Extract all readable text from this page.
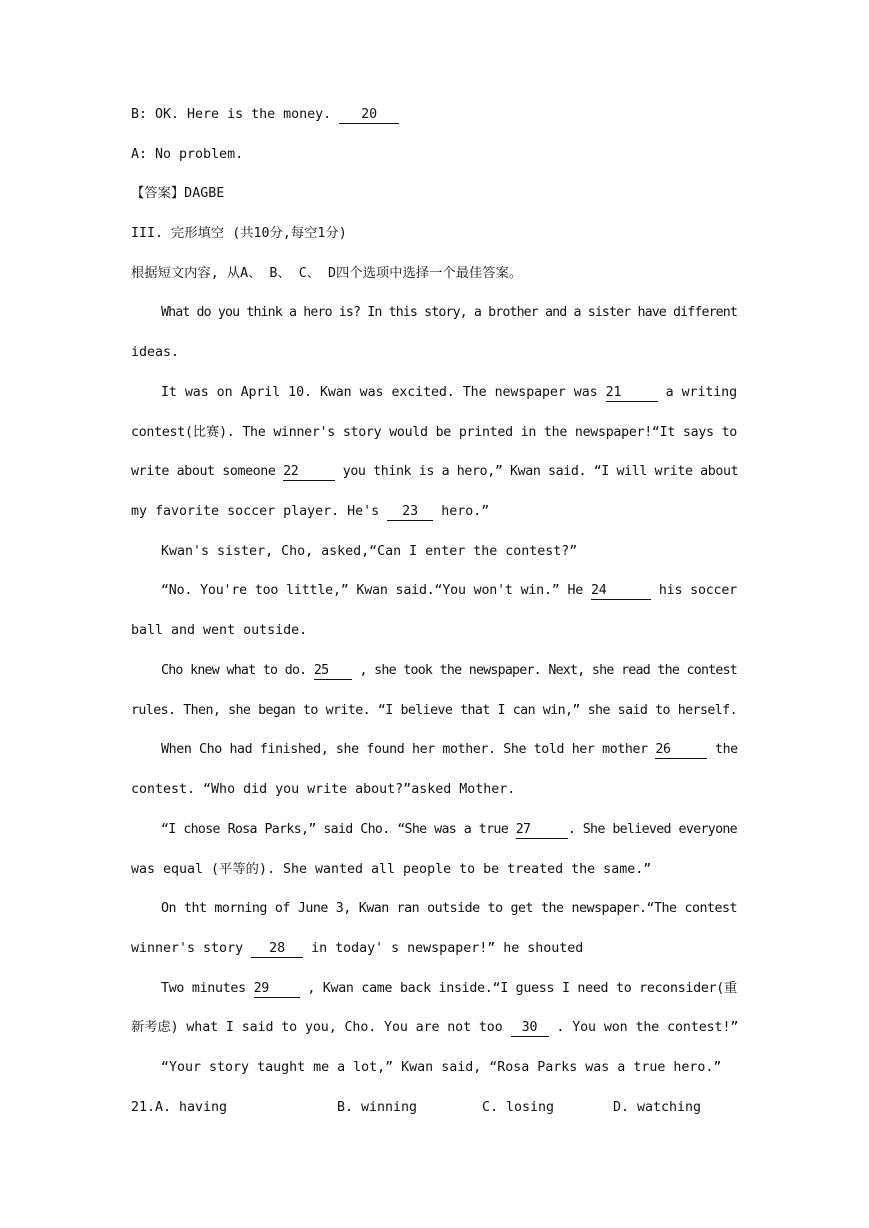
B: OK. Here is the money. 20
A: No problem.
【答案】DAGBE
III. 完形填空 (共10分,每空1分)
根据短文内容, 从A、 B、 C、 D四个选项中选择一个最佳答案。
What do you think a hero is? In this story, a brother and a sister have different
ideas.
It was on April 10. Kwan was excited. The newspaper was 21	a writing
contest(比赛). The winner's story would be printed in the newspaper!“It says to
write about someone 22	you think is a hero,” Kwan said. “I will write about
my favorite soccer player. He's 23 hero.”
Kwan's sister, Cho, asked,“Can I enter the contest?”
“No. You're too little,” Kwan said.“You won't win.” He 24	his soccer
ball and went outside.
Cho knew what to do. 25 , she took the newspaper. Next, she read the contest
rules. Then, she began to write. “I believe that I can win,” she said to herself.
When Cho had finished, she found her mother. She told her mother 26	the
contest. “Who did you write about?”asked Mother.
“I chose Rosa Parks,” said Cho. “She was a true 27	. She believed everyone
was equal (平等的). She wanted all people to be treated the same.”
On tht morning of June 3, Kwan ran outside to get the newspaper.“The contest
winner's story 28 in today' s newspaper!” he shouted
Two minutes 29 , Kwan came back inside.“I guess I need to reconsider(重
新考虑) what I said to you, Cho. You are not too 30 . You won the contest!”
“Your story taught me a lot,” Kwan said, “Rosa Parks was a true hero.”
21.A. having	B. winning	C. losing	D. watching
